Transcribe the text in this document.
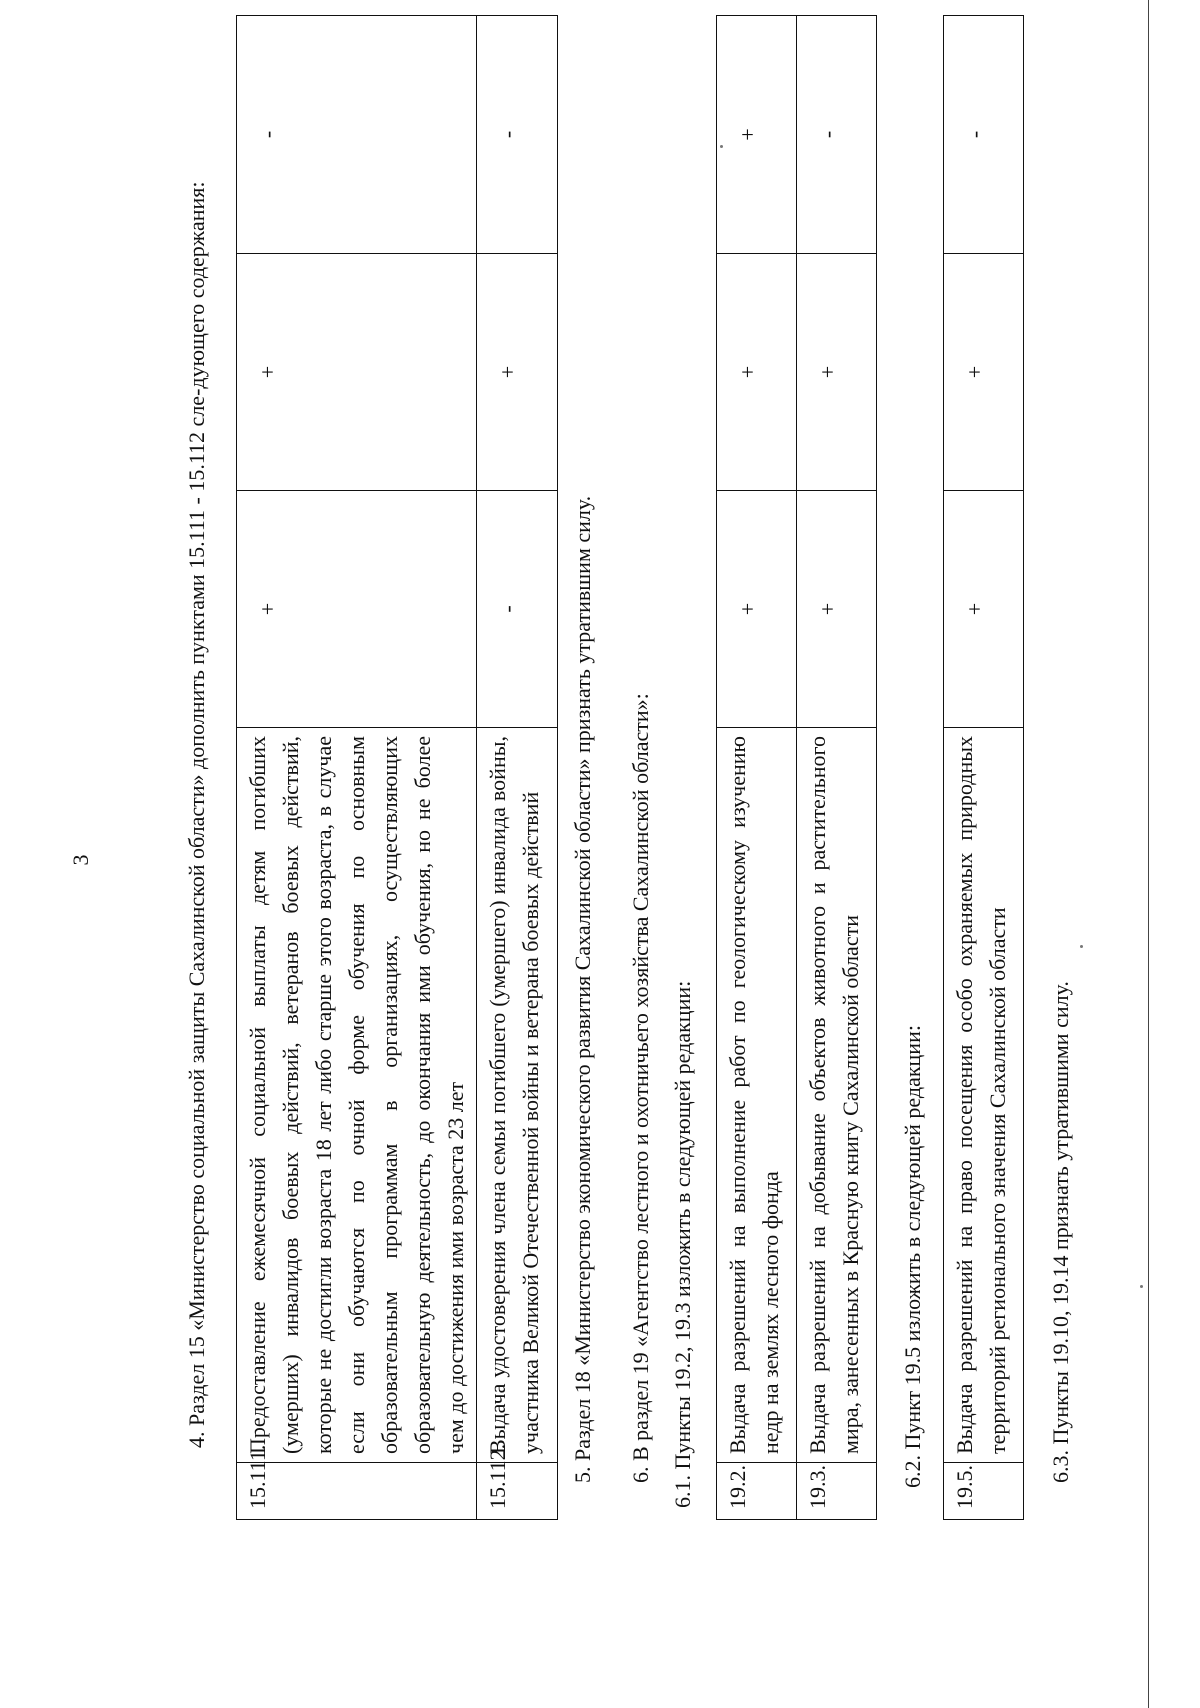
3	4. Раздел 15 «Министерство социальной защиты Сахалинской области» дополнить пунктами 15.111 - 15.112 сле-дующего содержания:
15.111.	Предоставление ежемесячной социальной выплаты детям погибших (умерших) инвалидов боевых действий, ветеранов боевых действий, которые не достигли возраста 18 лет либо старше этого возраста, в случае если они обучаются по очной форме обучения по основным образовательным программам в организациях, осуществляющих образовательную деятельность, до окончания ими обучения, но не более чем до достижения ими возраста 23 лет	+	+	-
15.112.	Выдача удостоверения члена семьи погибшего (умершего) инвалида войны, участника Великой Отечественной войны и ветерана боевых действий	-	+	-
5. Раздел 18 «Министерство экономического развития Сахалинской области» признать утратившим силу. 6. В раздел 19 «Агентство лестного и охотничьего хозяйства Сахалинской области»: 6.1. Пункты 19.2, 19.3 изложить в следующей редакции: 19.2.	Выдача разрешений на выполнение работ по геологическому изучению недр на землях лесного фонда	+	+	+
19.3.	Выдача разрешений на добывание объектов животного и растительного мира, занесенных в Красную книгу Сахалинской области	+	+	-
6.2. Пункт 19.5 изложить в следующей редакции: 19.5.	Выдача разрешений на право посещения особо охраняемых природных территорий регионального значения Сахалинской области	+	+	-
6.3. Пункты 19.10, 19.14 признать утратившими силу.
